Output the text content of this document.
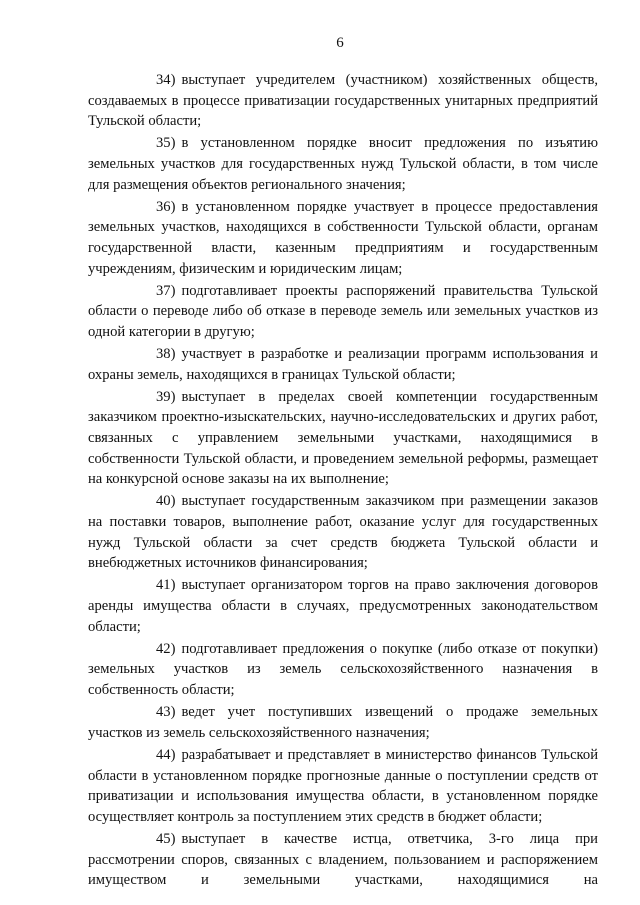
6

34) выступает учредителем (участником) хозяйственных обществ, создаваемых в процессе приватизации государственных унитарных предприятий Тульской области;

35) в установленном порядке вносит предложения по изъятию земельных участков для государственных нужд Тульской области, в том числе для размещения объектов регионального значения;

36) в установленном порядке участвует в процессе предоставления земельных участков, находящихся в собственности Тульской области, органам государственной власти, казенным предприятиям и государственным учреждениям, физическим и юридическим лицам;

37) подготавливает проекты распоряжений правительства Тульской области о переводе либо об отказе в переводе земель или земельных участков из одной категории в другую;

38) участвует в разработке и реализации программ использования и охраны земель, находящихся в границах Тульской области;

39) выступает в пределах своей компетенции государственным заказчиком проектно-изыскательских, научно-исследовательских и других работ, связанных с управлением земельными участками, находящимися в собственности Тульской области, и проведением земельной реформы, размещает на конкурсной основе заказы на их выполнение;

40) выступает государственным заказчиком при размещении заказов на поставки товаров, выполнение работ, оказание услуг для государственных нужд Тульской области за счет средств бюджета Тульской области и внебюджетных источников финансирования;

41) выступает организатором торгов на право заключения договоров аренды имущества области в случаях, предусмотренных законодательством области;

42) подготавливает предложения о покупке (либо отказе от покупки) земельных участков из земель сельскохозяйственного назначения в собственность области;

43) ведет учет поступивших извещений о продаже земельных участков из земель сельскохозяйственного назначения;

44) разрабатывает и представляет в министерство финансов Тульской области в установленном порядке прогнозные данные о поступлении средств от приватизации и использования имущества области, в установленном порядке осуществляет контроль за поступлением этих средств в бюджет области;

45) выступает в качестве истца, ответчика, 3-го лица при рассмотрении споров, связанных с владением, пользованием и распоряжением имуществом и земельными участками, находящимися на
